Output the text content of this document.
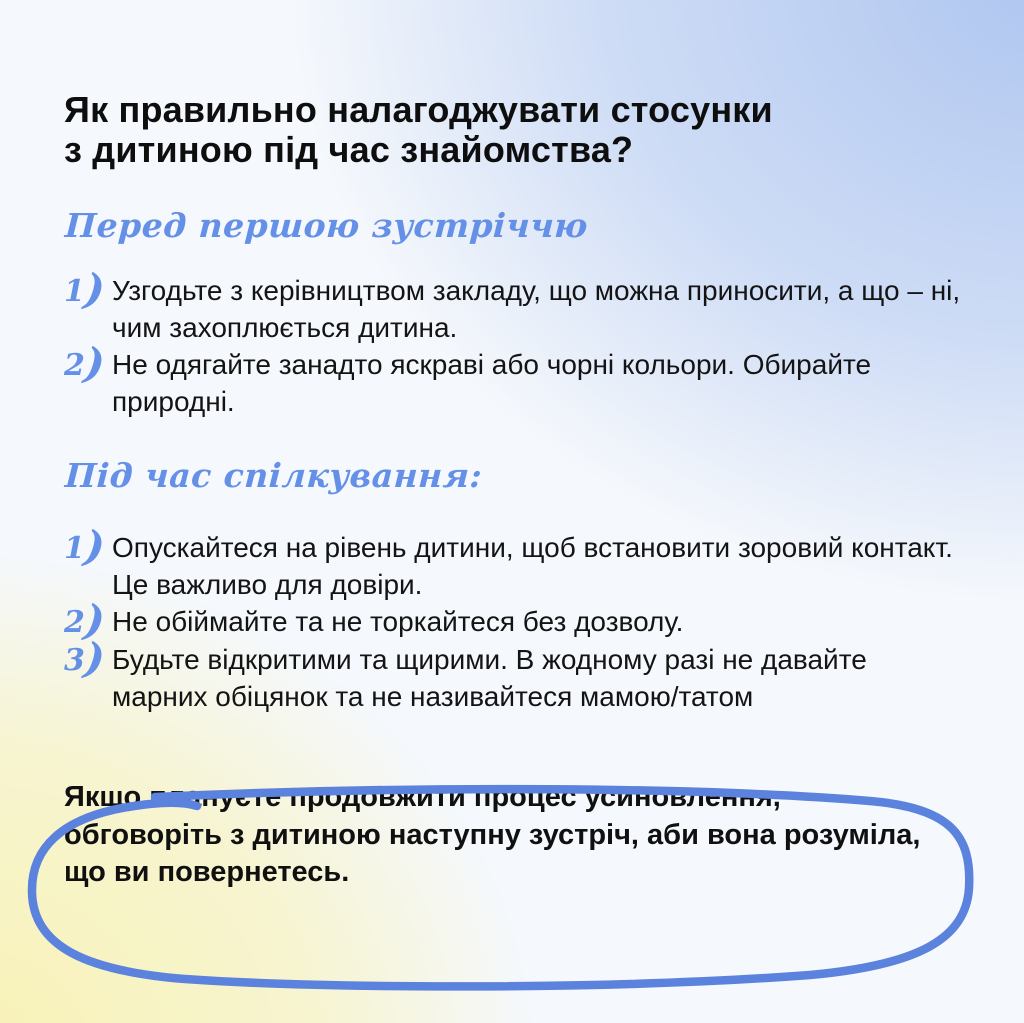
Як правильно налагоджувати стосунки
з дитиною під час знайомства?
Перед першою зустріччю
1) Узгодьте з керівництвом закладу, що можна приносити, а що – ні, чим захоплюється дитина.
2) Не одягайте занадто яскраві або чорні кольори. Обирайте природні.
Під час спілкування:
1) Опускайтеся на рівень дитини, щоб встановити зоровий контакт. Це важливо для довіри.
2) Не обіймайте та не торкайтеся без дозволу.
3) Будьте відкритими та щирими. В жодному разі не давайте марних обіцянок та не називайтеся мамою/татом
Якщо плануєте продовжити процес усиновлення, обговоріть з дитиною наступну зустріч, аби вона розуміла, що ви повернетесь.
